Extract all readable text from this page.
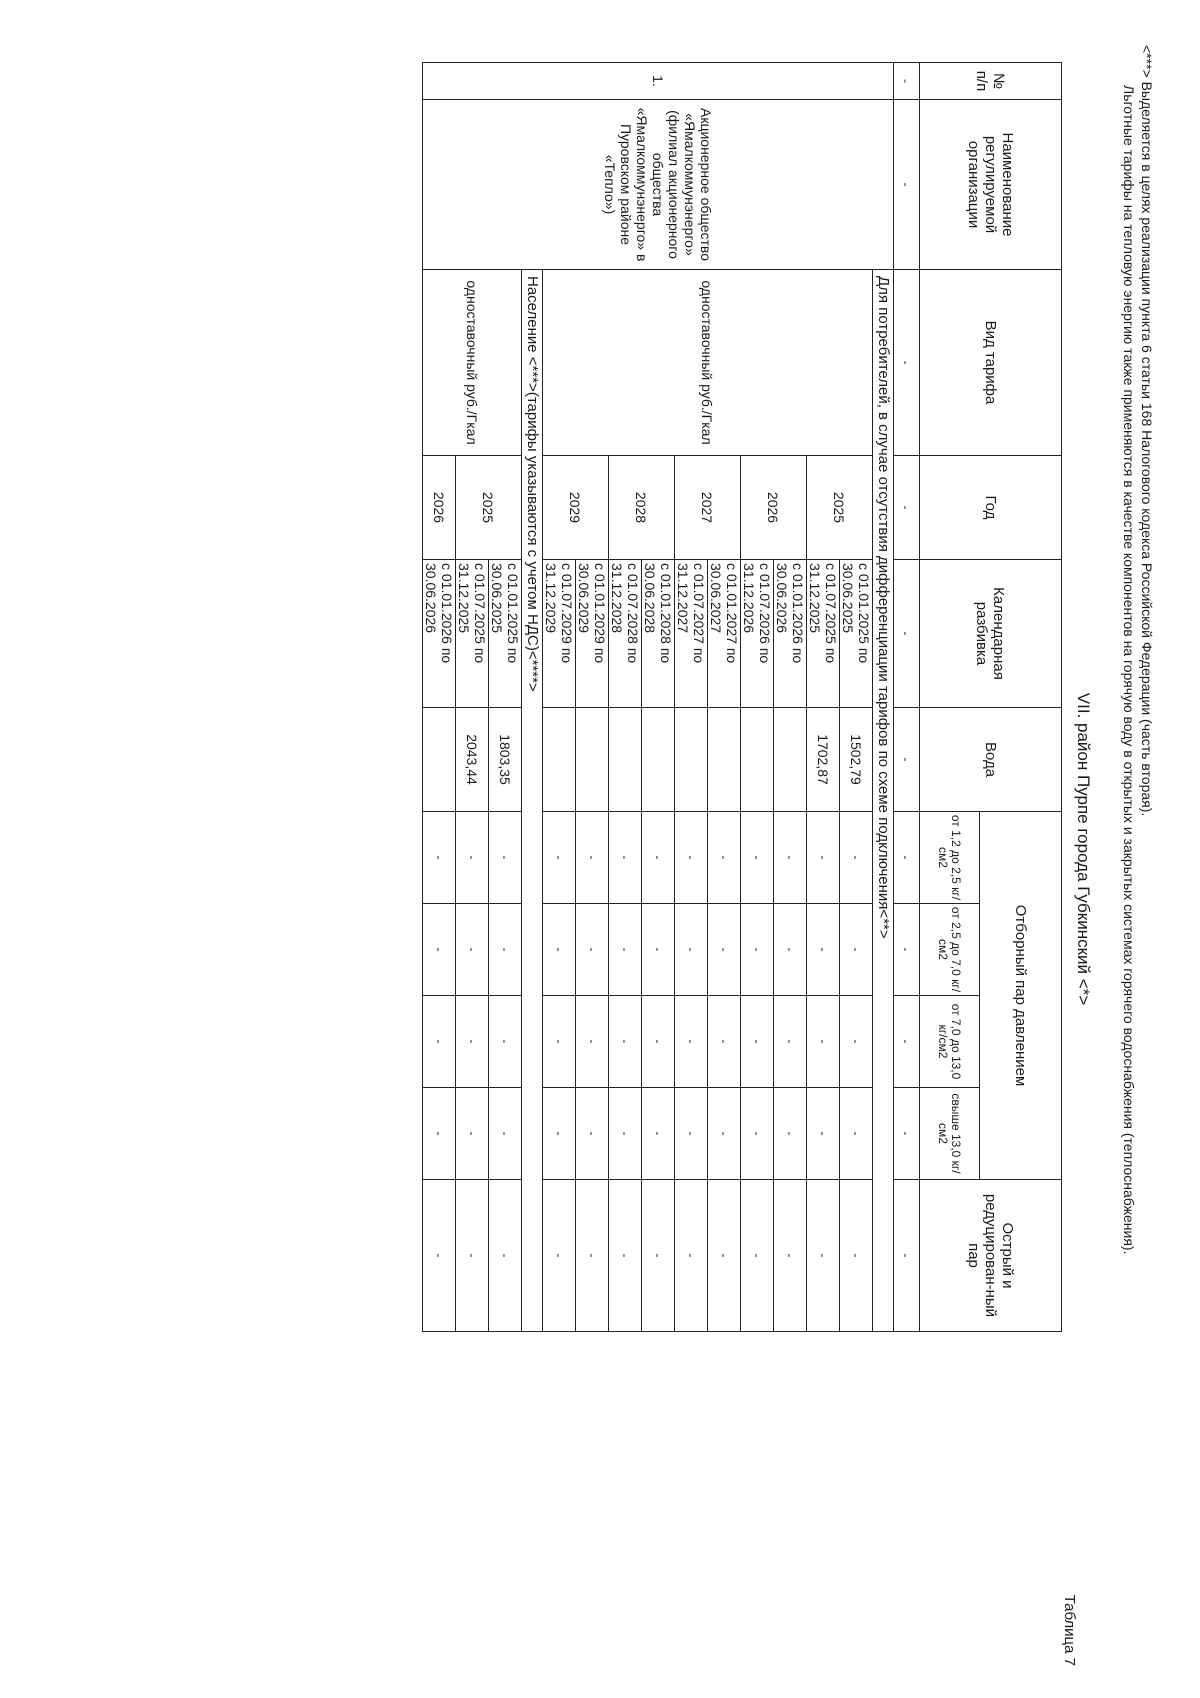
<***> Выделяется в целях реализации пункта 6 статьи 168 Налогового кодекса Российской Федерации (часть вторая).
Льготные тарифы на тепловую энергию также применяются в качестве компонентов на горячую воду в открытых и закрытых системах горячего водоснабжения (теплоснабжения).
VII. район Пурпе города Губкинский <*>
Таблица 7
№ п/п	Наименование регулируемой организации	Вид тарифа	Год	Календарная разбивка	Вода	Отборный пар давлением				Острый и редуцирован-ный пар
						от 1,2 до 2,5 кг/см2	от 2,5 до 7,0 кг/см2	от 7,0 до 13,0 кг/см2	свыше 13,0 кг/см2	
-	-	-	-	-	-	-	-	-	-	-
1.	Акционерное общество «Ямалкоммунэнерго» (филиал акционерного общества «Ямалкоммунэнерго» в Пуровском районе «Тепло»)	Для потребителей, в случае отсутствия дифференциации тарифов по схеме подключения<**>								
		одноставочный руб./Гкал	2025	с 01.01.2025 по 30.06.2025	1502,79	-	-	-	-	-
				с 01.07.2025 по 31.12.2025	1702,87	-	-	-	-	-
			2026	с 01.01.2026 по 30.06.2026		-	-	-	-	-
				с 01.07.2026 по 31.12.2026		-	-	-	-	-
			2027	с 01.01.2027 по 30.06.2027		-	-	-	-	-
				с 01.07.2027 по 31.12.2027		-	-	-	-	-
			2028	с 01.01.2028 по 30.06.2028		-	-	-	-	-
				с 01.07.2028 по 31.12.2028		-	-	-	-	-
			2029	с 01.01.2029 по 30.06.2029		-	-	-	-	-
				с 01.07.2029 по 31.12.2029		-	-	-	-	-
		Население <***>(тарифы указываются с учетом НДС)<****>								
		одноставочный руб./Гкал	2025	с 01.01.2025 по 30.06.2025	1803,35	-	-	-	-	-
				с 01.07.2025 по 31.12.2025	2043,44	-	-	-	-	-
			2026	с 01.01.2026 по 30.06.2026		-	-	-	-	-
